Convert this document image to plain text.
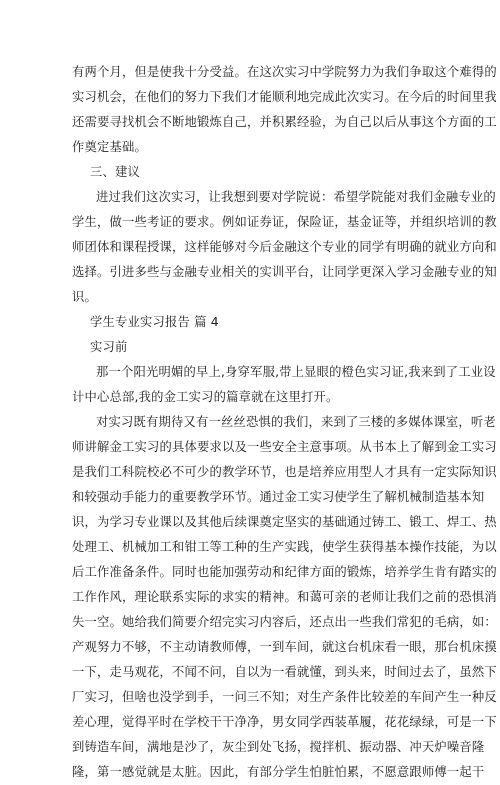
有两个月，但是使我十分受益。在这次实习中学院努力为我们争取这个难得的
实习机会，在他们的努力下我们才能顺利地完成此次实习。在今后的时间里我
还需要寻找机会不断地锻炼自己，并积累经验，为自己以后从事这个方面的工
作奠定基础。
三、建议
进过我们这次实习，让我想到要对学院说：希望学院能对我们金融专业的
学生，做一些考证的要求。例如证券证，保险证，基金证等，并组织培训的教
师团体和课程授课，这样能够对今后金融这个专业的同学有明确的就业方向和
选择。引进多些与金融专业相关的实训平台，让同学更深入学习金融专业的知
识。
学生专业实习报告 篇 4
实习前
那一个阳光明媚的早上,身穿军服,带上显眼的橙色实习证,我来到了工业设
计中心总部,我的金工实习的篇章就在这里打开。
对实习既有期待又有一丝丝恐惧的我们，来到了三楼的多媒体课室，听老
师讲解金工实习的具体要求以及一些安全主意事项。从书本上了解到金工实习
是我们工科院校必不可少的教学环节，也是培养应用型人才具有一定实际知识
和较强动手能力的重要教学环节。通过金工实习使学生了解机械制造基本知
识，为学习专业课以及其他后续课奠定坚实的基础通过铸工、锻工、焊工、热
处理工、机械加工和钳工等工种的生产实践，使学生获得基本操作技能，为以
后工作准备条件。同时也能加强劳动和纪律方面的锻炼，培养学生肯有踏实的
工作作风，理论联系实际的求实的精神。和蔼可亲的老师让我们之前的恐惧消
失一空。她给我们简要介绍完实习内容后，还点出一些我们常犯的毛病，如：
产观努力不够，不主动请教师傅，一到车间，就这台机床看一眼，那台机床摸
一下，走马观花，不闻不问，自以为一看就懂，到头来，时间过去了，虽然下
厂实习，但啥也没学到手，一问三不知；对生产条件比较差的车间产生一种反
差心理，觉得平时在学校干干净净，男女同学西装革履，花花绿绿，可是一下
到铸造车间，满地是沙了，灰尘到处飞扬，搅拌机、振动器、冲天炉噪音隆
隆，第一感觉就是太脏。因此，有部分学生怕脏怕累，不愿意跟师傅一起干
